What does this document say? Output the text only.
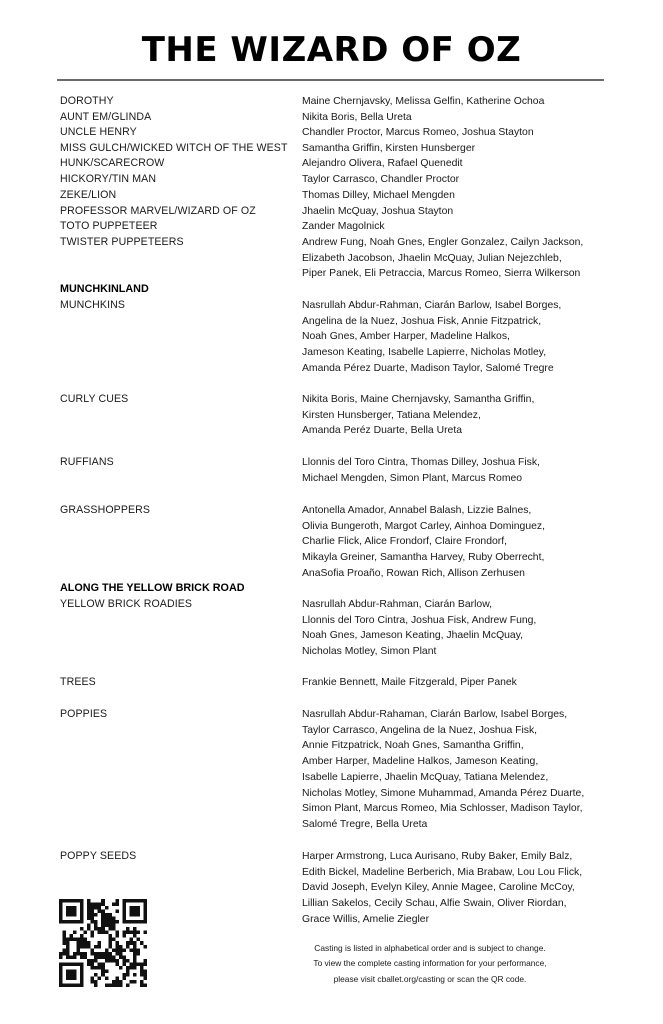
THE WIZARD OF OZ
DOROTHY	Maine Chernjavsky, Melissa Gelfin, Katherine Ochoa
AUNT EM/GLINDA	Nikita Boris, Bella Ureta
UNCLE HENRY	Chandler Proctor, Marcus Romeo, Joshua Stayton
MISS GULCH/WICKED WITCH OF THE WEST	Samantha Griffin, Kirsten Hunsberger
HUNK/SCARECROW	Alejandro Olivera, Rafael Quenedit
HICKORY/TIN MAN	Taylor Carrasco, Chandler Proctor
ZEKE/LION	Thomas Dilley, Michael Mengden
PROFESSOR MARVEL/WIZARD OF OZ	Jhaelin McQuay, Joshua Stayton
TOTO PUPPETEER	Zander Magolnick
TWISTER PUPPETEERS	Andrew Fung, Noah Gnes, Engler Gonzalez, Cailyn Jackson,
Elizabeth Jacobson, Jhaelin McQuay, Julian Nejezchleb,
Piper Panek, Eli Petraccia, Marcus Romeo, Sierra Wilkerson
MUNCHKINLAND
MUNCHKINS	Nasrullah Abdur-Rahman, Ciarán Barlow, Isabel Borges,
Angelina de la Nuez, Joshua Fisk, Annie Fitzpatrick,
Noah Gnes, Amber Harper, Madeline Halkos,
Jameson Keating, Isabelle Lapierre, Nicholas Motley,
Amanda Pérez Duarte, Madison Taylor, Salomé Tregre
CURLY CUES	Nikita Boris, Maine Chernjavsky, Samantha Griffin,
Kirsten Hunsberger, Tatiana Melendez,
Amanda Peréz Duarte, Bella Ureta
RUFFIANS	Llonnis del Toro Cintra, Thomas Dilley, Joshua Fisk,
Michael Mengden, Simon Plant, Marcus Romeo
GRASSHOPPERS	Antonella Amador, Annabel Balash, Lizzie Balnes,
Olivia Bungeroth, Margot Carley, Ainhoa Dominguez,
Charlie Flick, Alice Frondorf, Claire Frondorf,
Mikayla Greiner, Samantha Harvey, Ruby Oberrecht,
AnaSofia Proaño, Rowan Rich, Allison Zerhusen
ALONG THE YELLOW BRICK ROAD
YELLOW BRICK ROADIES	Nasrullah Abdur-Rahman, Ciarán Barlow,
Llonnis del Toro Cintra, Joshua Fisk, Andrew Fung,
Noah Gnes, Jameson Keating, Jhaelin McQuay,
Nicholas Motley, Simon Plant
TREES	Frankie Bennett, Maile Fitzgerald, Piper Panek
POPPIES	Nasrullah Abdur-Rahaman, Ciarán Barlow, Isabel Borges,
Taylor Carrasco, Angelina de la Nuez, Joshua Fisk,
Annie Fitzpatrick, Noah Gnes, Samantha Griffin,
Amber Harper, Madeline Halkos, Jameson Keating,
Isabelle Lapierre, Jhaelin McQuay, Tatiana Melendez,
Nicholas Motley, Simone Muhammad, Amanda Pérez Duarte,
Simon Plant, Marcus Romeo, Mia Schlosser, Madison Taylor,
Salomé Tregre, Bella Ureta
POPPY SEEDS	Harper Armstrong, Luca Aurisano, Ruby Baker, Emily Balz,
Edith Bickel, Madeline Berberich, Mia Brabaw, Lou Lou Flick,
David Joseph, Evelyn Kiley, Annie Magee, Caroline McCoy,
Lillian Sakelos, Cecily Schau, Alfie Swain, Oliver Riordan,
Grace Willis, Amelie Ziegler
Casting is listed in alphabetical order and is subject to change.
To view the complete casting information for your performance,
please visit cballet.org/casting or scan the QR code.
